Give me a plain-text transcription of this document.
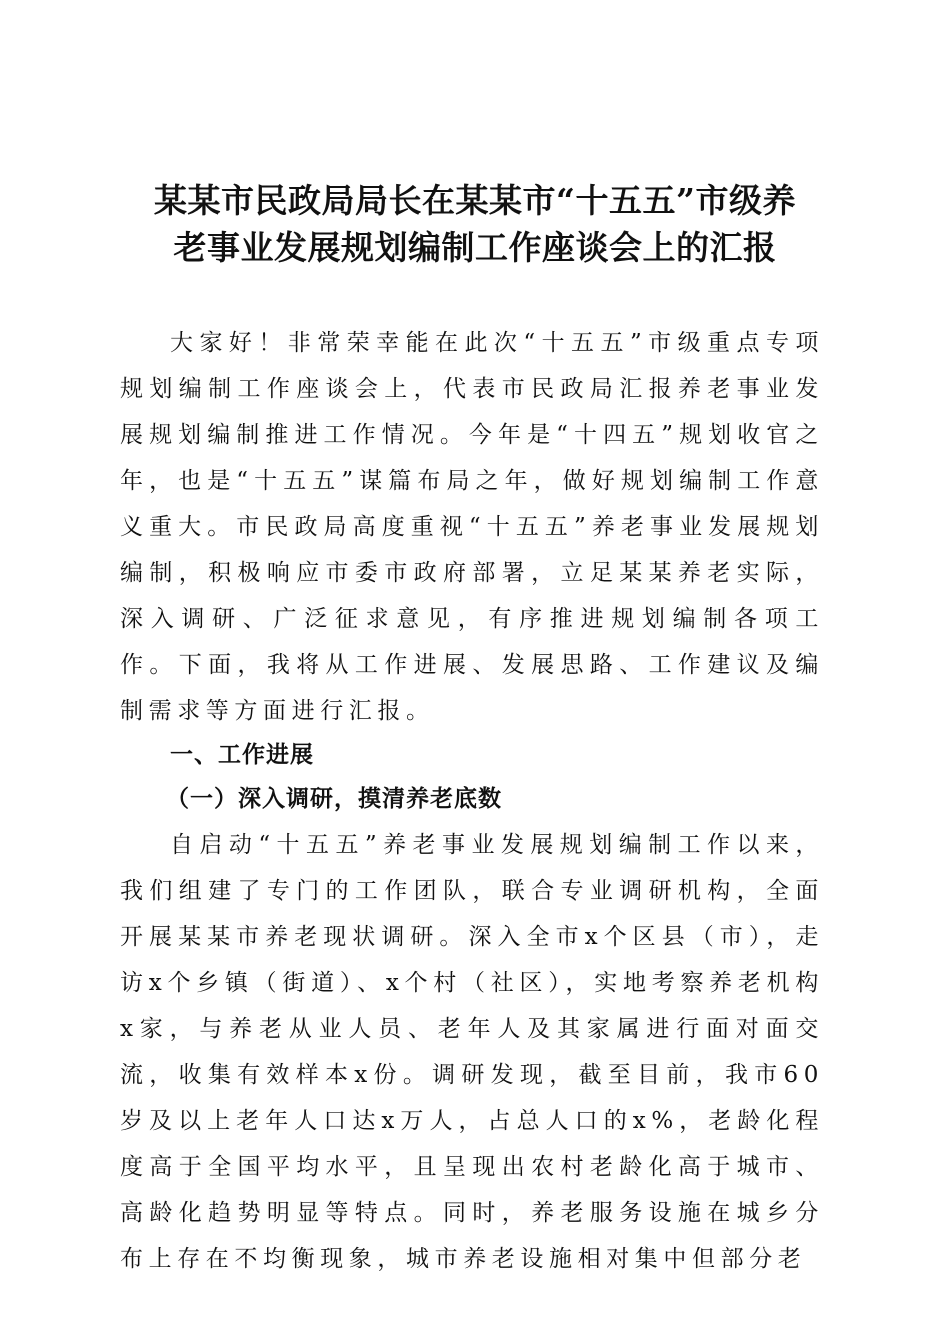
某某市民政局局长在某某市“十五五”市级养
老事业发展规划编制工作座谈会上的汇报

大家好！非常荣幸能在此次“十五五”市级重点专项规划编制工作座谈会上，代表市民政局汇报养老事业发展规划编制推进工作情况。今年是“十四五”规划收官之年，也是“十五五”谋篇布局之年，做好规划编制工作意义重大。市民政局高度重视“十五五”养老事业发展规划编制，积极响应市委市政府部署，立足某某养老实际，深入调研、广泛征求意见，有序推进规划编制各项工作。下面，我将从工作进展、发展思路、工作建议及编制需求等方面进行汇报。

一、工作进展

（一）深入调研，摸清养老底数

自启动“十五五”养老事业发展规划编制工作以来，我们组建了专门的工作团队，联合专业调研机构，全面开展某某市养老现状调研。深入全市x个区县（市），走访x个乡镇（街道）、x个村（社区），实地考察养老机构x家，与养老从业人员、老年人及其家属进行面对面交流，收集有效样本x份。调研发现，截至目前，我市60岁及以上老年人口达x万人，占总人口的x%，老龄化程度高于全国平均水平，且呈现出农村老龄化高于城市、高龄化趋势明显等特点。同时，养老服务设施在城乡分布上存在不均衡现象，城市养老设施相对集中但部分老
